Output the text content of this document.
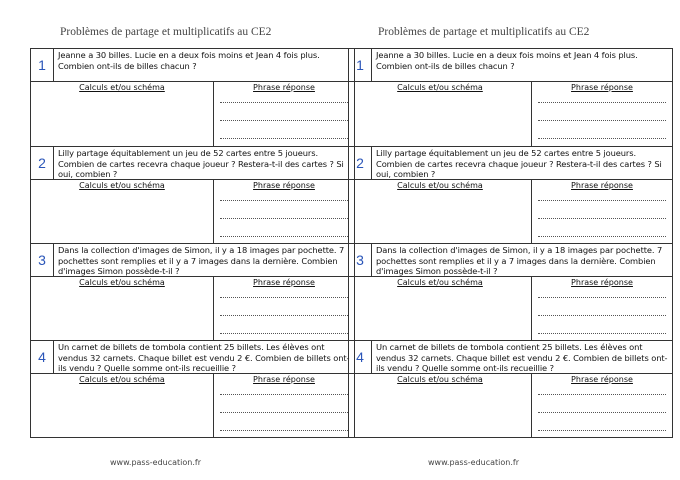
Problèmes de partage et multiplicatifs au CE2
1
Jeanne a 30 billes. Lucie en a deux fois moins et Jean 4 fois plus. Combien ont-ils de billes chacun ?
Calculs et/ou schéma	Phrase réponse
2
Lilly partage équitablement un jeu de 52 cartes entre 5 joueurs. Combien de cartes recevra chaque joueur ? Restera-t-il des cartes ? Si oui, combien ?
Calculs et/ou schéma	Phrase réponse
3
Dans la collection d'images de Simon, il y a 18 images par pochette. 7 pochettes sont remplies et il y a 7 images dans la dernière. Combien d'images Simon possède-t-il ?
Calculs et/ou schéma	Phrase réponse
4
Un carnet de billets de tombola contient 25 billets. Les élèves ont vendus 32 carnets. Chaque billet est vendu 2 €. Combien de billets ont-ils vendu ? Quelle somme ont-ils recueillie ?
Calculs et/ou schéma	Phrase réponse
www.pass-education.fr
Problèmes de partage et multiplicatifs au CE2
1
Jeanne a 30 billes. Lucie en a deux fois moins et Jean 4 fois plus. Combien ont-ils de billes chacun ?
Calculs et/ou schéma	Phrase réponse
2
Lilly partage équitablement un jeu de 52 cartes entre 5 joueurs. Combien de cartes recevra chaque joueur ? Restera-t-il des cartes ? Si oui, combien ?
Calculs et/ou schéma	Phrase réponse
3
Dans la collection d'images de Simon, il y a 18 images par pochette. 7 pochettes sont remplies et il y a 7 images dans la dernière. Combien d'images Simon possède-t-il ?
Calculs et/ou schéma	Phrase réponse
4
Un carnet de billets de tombola contient 25 billets. Les élèves ont vendus 32 carnets. Chaque billet est vendu 2 €. Combien de billets ont-ils vendu ? Quelle somme ont-ils recueillie ?
Calculs et/ou schéma	Phrase réponse
www.pass-education.fr
